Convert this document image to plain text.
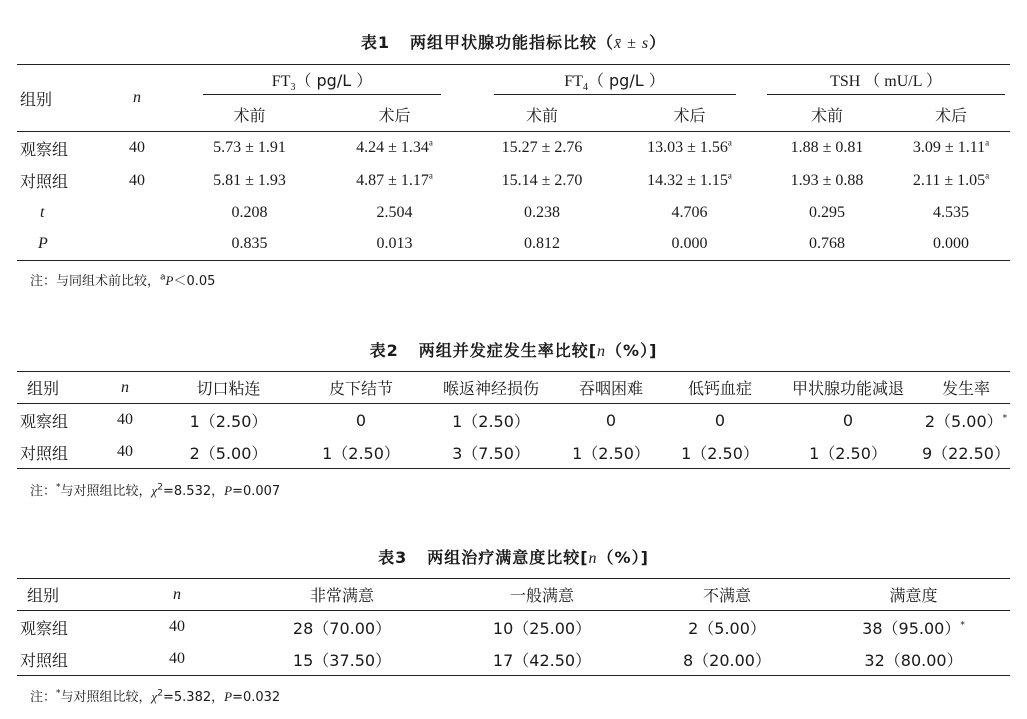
表1 两组甲状腺功能指标比较（x̄ ± s）
组别	n	$FT_3$（ pg/L ）		$FT_4$（ pg/L ）		TSH （ mU/L ）	
		术前	术后	术前	术后	术前	术后
观察组	40	5.73 ± 1.91	4.24 ± 1.34$^a$	15.27 ± 2.76	13.03 ± 1.56$^a$	1.88 ± 0.81	3.09 ± 1.11$^a$
对照组	40	5.81 ± 1.93	4.87 ± 1.17$^a$	15.14 ± 2.70	14.32 ± 1.15$^a$	1.93 ± 0.88	2.11 ± 1.05$^a$
t		0.208	2.504	0.238	4.706	0.295	4.535
P		0.835	0.013	0.812	0.000	0.768	0.000
注：与同组术前比较，$^a$P＜0.05
表2 两组并发症发生率比较[n（%）]
组别	n	切口粘连	皮下结节	喉返神经损伤	吞咽困难	低钙血症	甲状腺功能减退	发生率
观察组	40	1（2.50）	0	1（2.50）	0	0	0	2（5.00）*
对照组	40	2（5.00）	1（2.50）	3（7.50）	1（2.50）	1（2.50）	1（2.50）	9（22.50）
注：*与对照组比较，$\chi^2=8.532$，P=0.007
表3 两组治疗满意度比较[n（%）]
组别	n	非常满意	一般满意	不满意	满意度
观察组	40	28（70.00）	10（25.00）	2（5.00）	38（95.00）*
对照组	40	15（37.50）	17（42.50）	8（20.00）	32（80.00）
注：*与对照组比较，$\chi^2=5.382$，P=0.032
